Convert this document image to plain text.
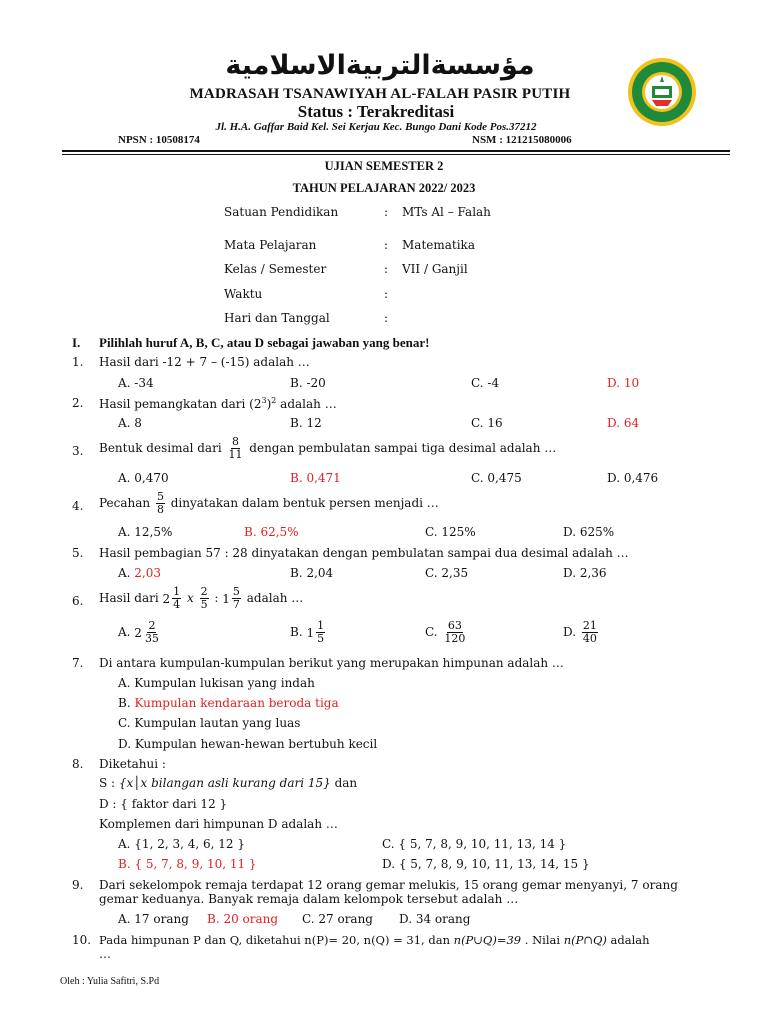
مؤسسةالتربيةالاسلامية
MADRASAH TSANAWIYAH AL-FALAH PASIR PUTIH
Status : Terakreditasi
Jl. H.A. Gaffar Baid Kel. Sei Kerjau Kec. Bungo Dani Kode Pos.37212
NPSN : 10508174	NSM : 121215080006
UJIAN SEMESTER 2
TAHUN PELAJARAN 2022/ 2023
Satuan Pendidikan	: MTs Al – Falah
Mata Pelajaran	: Matematika
Kelas / Semester	: VII / Ganjil
Waktu	:
Hari dan Tanggal	:
I. Pilihlah huruf A, B, C, atau D sebagai jawaban yang benar!
1. Hasil dari -12 + 7 – (-15) adalah …
A. -34	B. -20	C. -4	D. 10
2. Hasil pemangkatan dari $(2^3)^2$ adalah …
A. 8	B. 12	C. 16	D. 64
3. Bentuk desimal dari $\frac{8}{11}$ dengan pembulatan sampai tiga desimal adalah …
A. 0,470	B. 0,471	C. 0,475	D. 0,476
4. Pecahan $\frac{5}{8}$ dinyatakan dalam bentuk persen menjadi …
A. 12,5%	B. 62,5%	C. 125%	D. 625%
5. Hasil pembagian 57 : 28 dinyatakan dengan pembulatan sampai dua desimal adalah …
A. 2,03	B. 2,04	C. 2,35	D. 2,36
6. Hasil dari $2 \frac{1}{4}$ x $\frac{2}{5}$ : $1 \frac{5}{7}$ adalah …
A. $2 \frac{2}{35}$	B. $1 \frac{1}{5}$	C. $\frac{63}{120}$	D. $\frac{21}{40}$
7. Di antara kumpulan-kumpulan berikut yang merupakan himpunan adalah …
A. Kumpulan lukisan yang indah
B. Kumpulan kendaraan beroda tiga
C. Kumpulan lautan yang luas
D. Kumpulan hewan-hewan bertubuh kecil
8. Diketahui :
S : {x│x bilangan asli kurang dari 15} dan
D : { faktor dari 12 }
Komplemen dari himpunan D adalah …
A. {1, 2, 3, 4, 6, 12 }	C. { 5, 7, 8, 9, 10, 11, 13, 14 }
B. { 5, 7, 8, 9, 10, 11 }	D. { 5, 7, 8, 9, 10, 11, 13, 14, 15 }
9. Dari sekelompok remaja terdapat 12 orang gemar melukis, 15 orang gemar menyanyi, 7 orang
gemar keduanya. Banyak remaja dalam kelompok tersebut adalah …
A. 17 orang B. 20 orang C. 27 orang D. 34 orang
10. Pada himpunan P dan Q, diketahui n(P)= 20, n(Q) = 31, dan n(P∪Q)=39 . Nilai n(P∩Q) adalah
…
Oleh : Yulia Safitri, S.Pd
